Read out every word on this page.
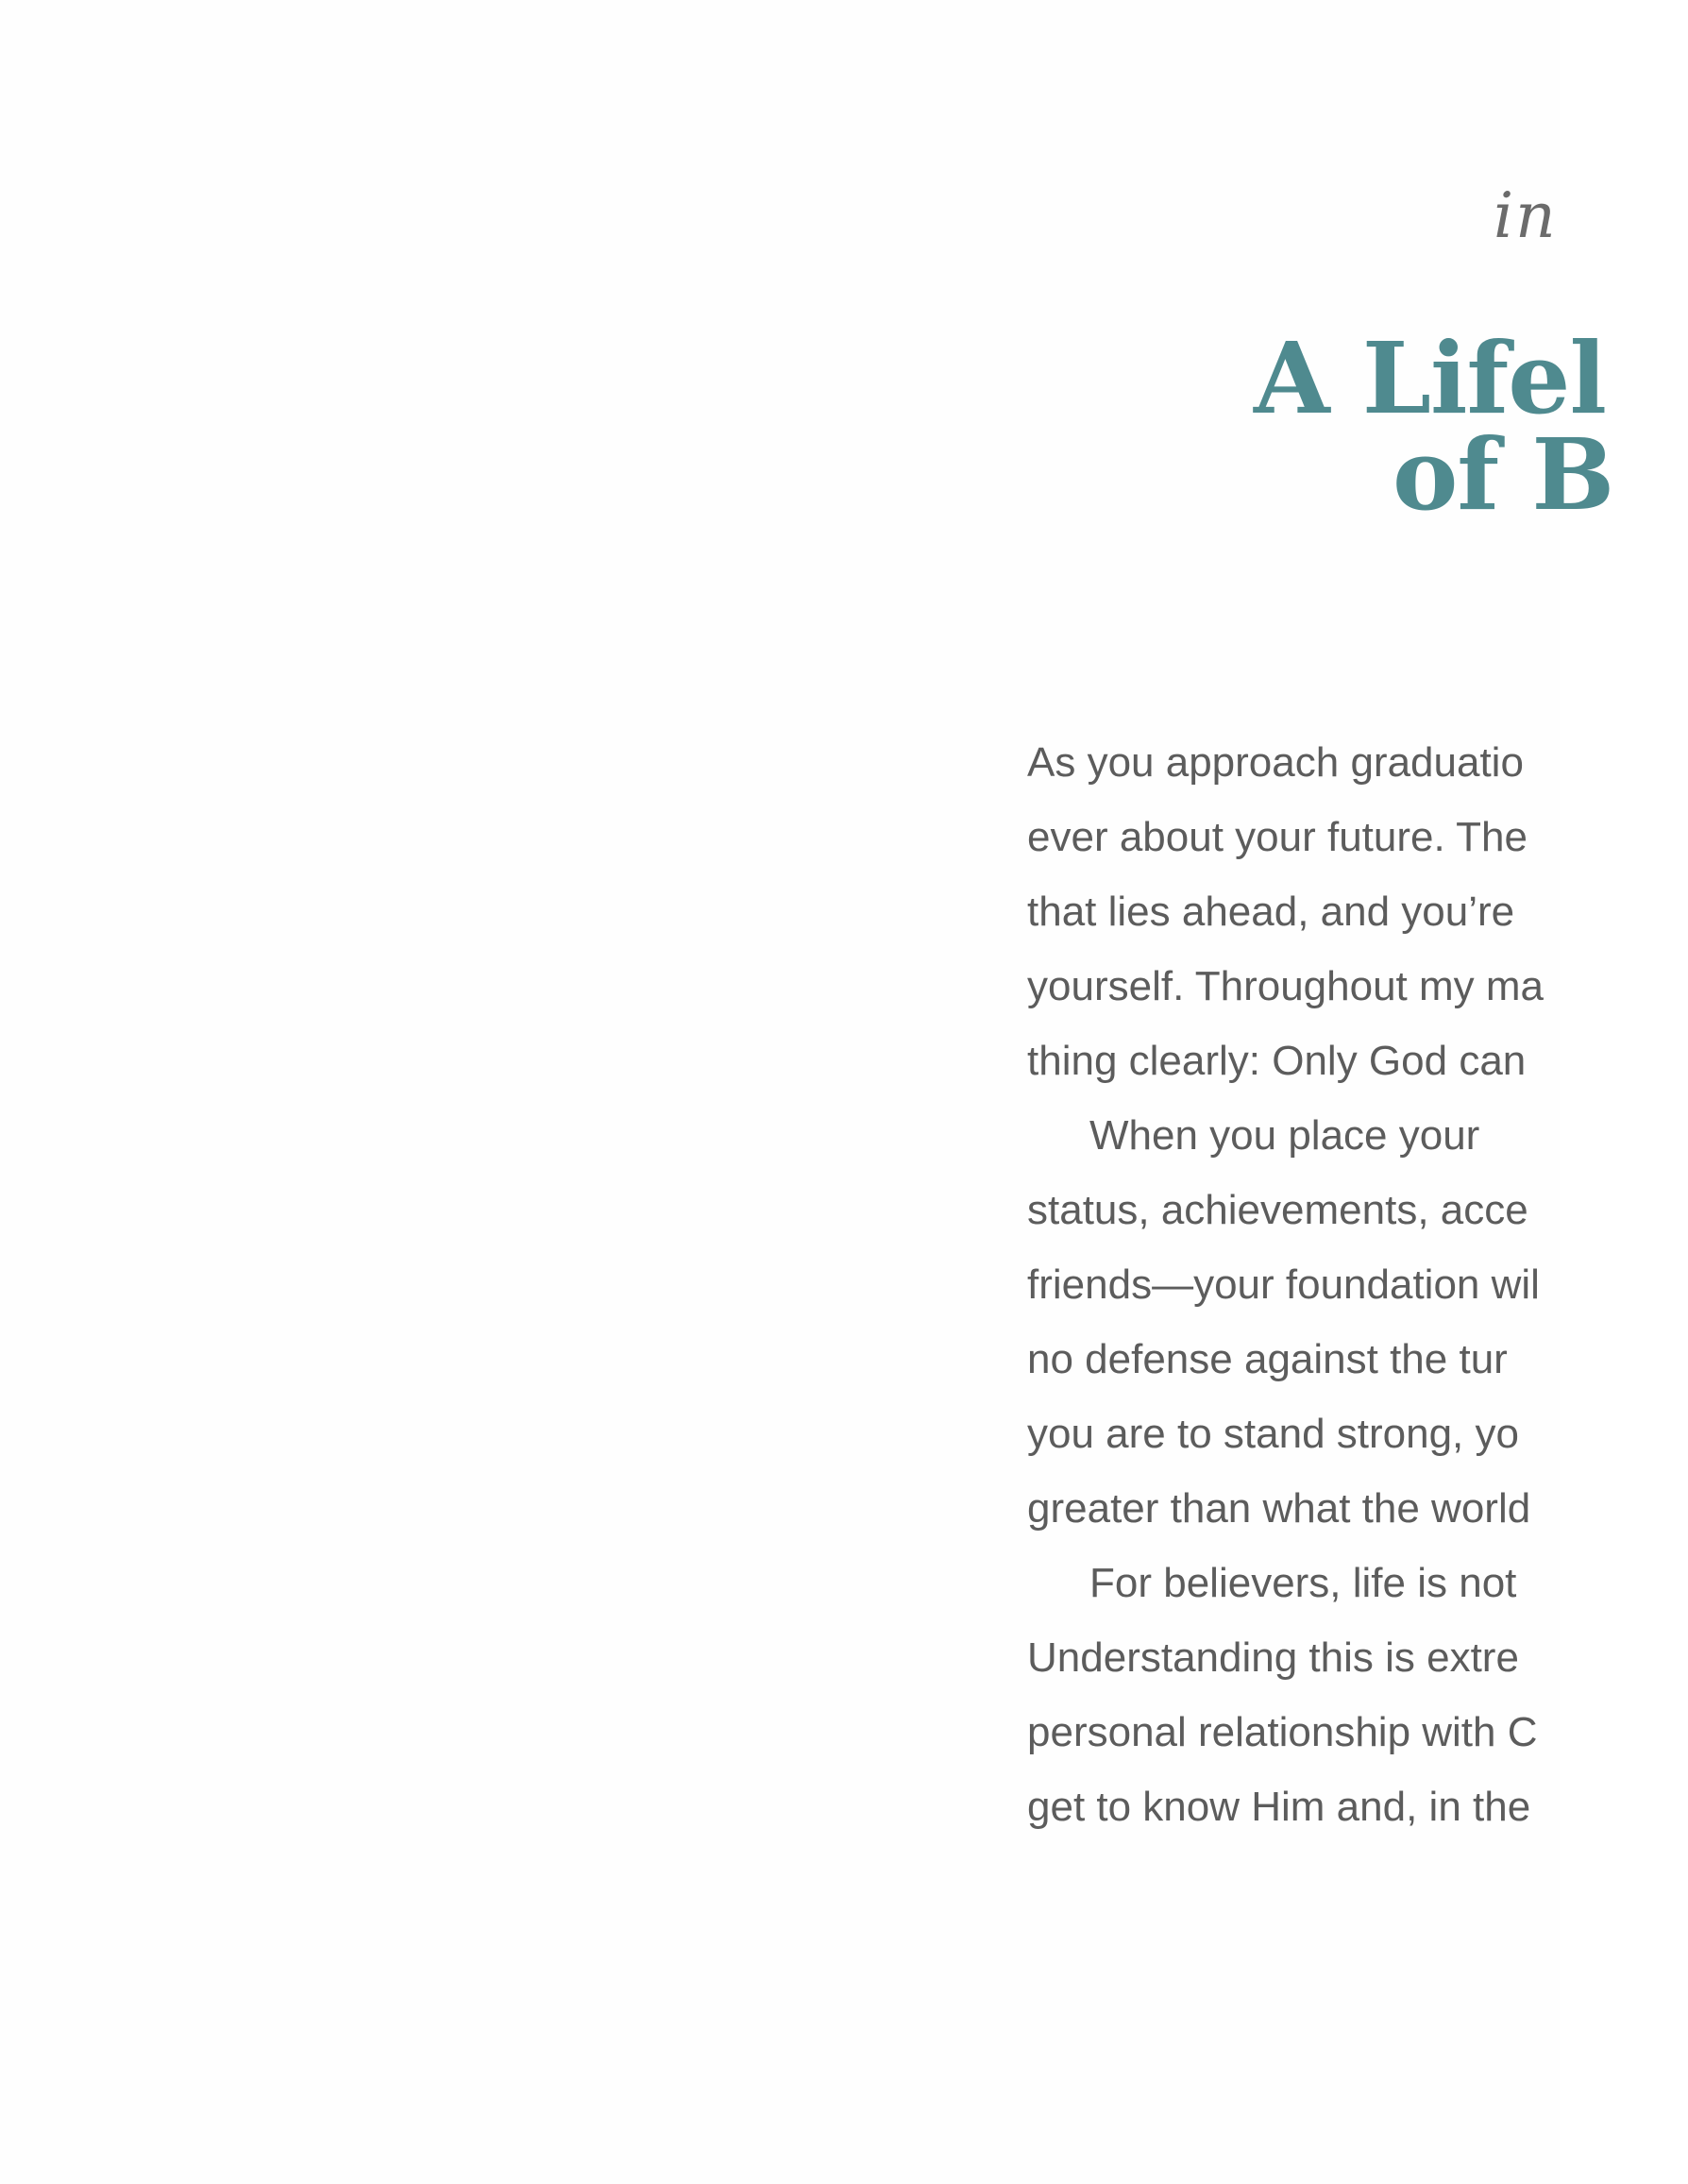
in
A Lifel
of B
As you approach graduatio
ever about your future. The
that lies ahead, and you’re
yourself. Throughout my ma
thing clearly: Only God can
When you place your
status, achievements, acce
friends—your foundation wil
no defense against the tur
you are to stand strong, yo
greater than what the world
For believers, life is not
Understanding this is extre
personal relationship with C
get to know Him and, in the
